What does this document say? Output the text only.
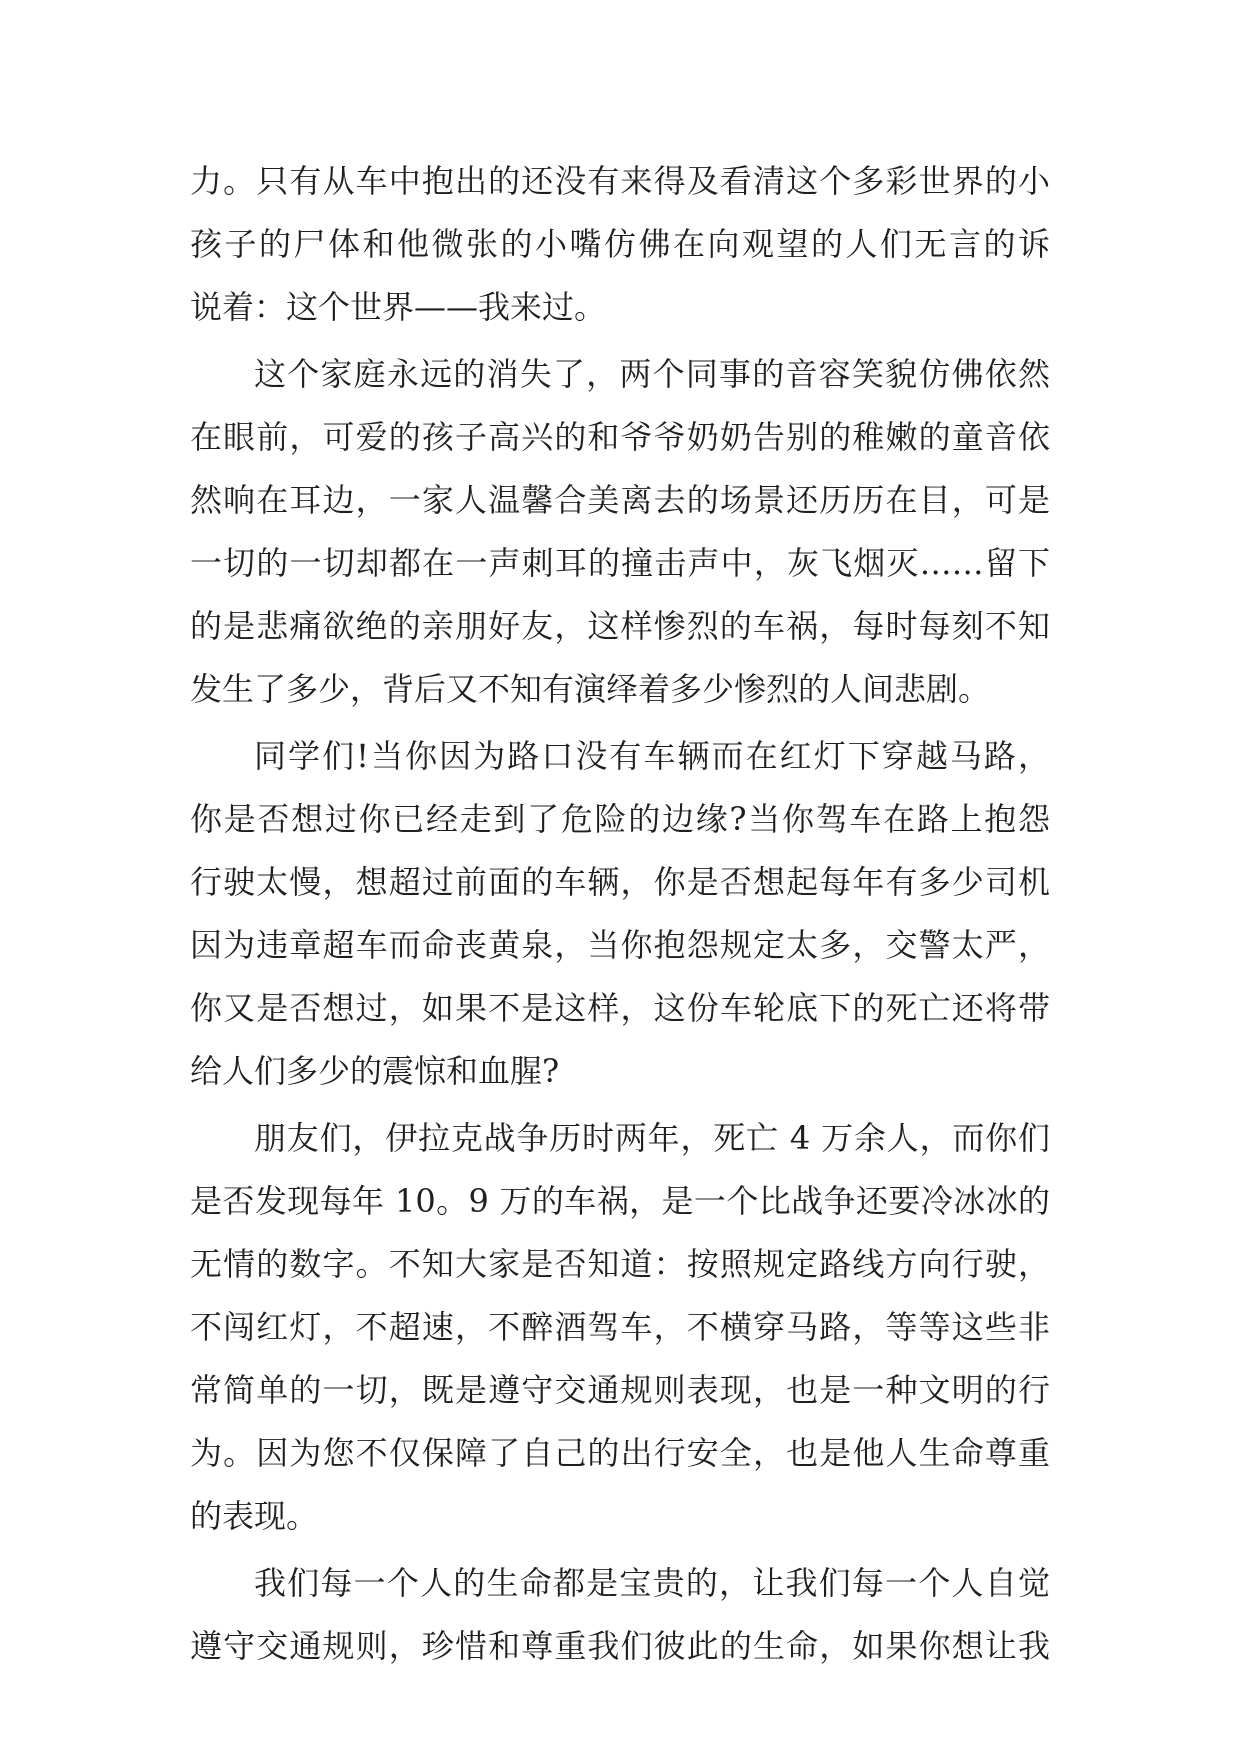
力。只有从车中抱出的还没有来得及看清这个多彩世界的小
孩子的尸体和他微张的小嘴仿佛在向观望的人们无言的诉
说着：这个世界——我来过。
这个家庭永远的消失了，两个同事的音容笑貌仿佛依然
在眼前，可爱的孩子高兴的和爷爷奶奶告别的稚嫩的童音依
然响在耳边，一家人温馨合美离去的场景还历历在目，可是
一切的一切却都在一声刺耳的撞击声中，灰飞烟灭……留下
的是悲痛欲绝的亲朋好友，这样惨烈的车祸，每时每刻不知
发生了多少，背后又不知有演绎着多少惨烈的人间悲剧。
同学们!当你因为路口没有车辆而在红灯下穿越马路，
你是否想过你已经走到了危险的边缘?当你驾车在路上抱怨
行驶太慢，想超过前面的车辆，你是否想起每年有多少司机
因为违章超车而命丧黄泉，当你抱怨规定太多，交警太严，
你又是否想过，如果不是这样，这份车轮底下的死亡还将带
给人们多少的震惊和血腥?
朋友们，伊拉克战争历时两年，死亡 4 万余人，而你们
是否发现每年 10。9 万的车祸，是一个比战争还要冷冰冰的
无情的数字。不知大家是否知道：按照规定路线方向行驶，
不闯红灯，不超速，不醉酒驾车，不横穿马路，等等这些非
常简单的一切，既是遵守交通规则表现，也是一种文明的行
为。因为您不仅保障了自己的出行安全，也是他人生命尊重
的表现。
我们每一个人的生命都是宝贵的，让我们每一个人自觉
遵守交通规则，珍惜和尊重我们彼此的生命，如果你想让我
